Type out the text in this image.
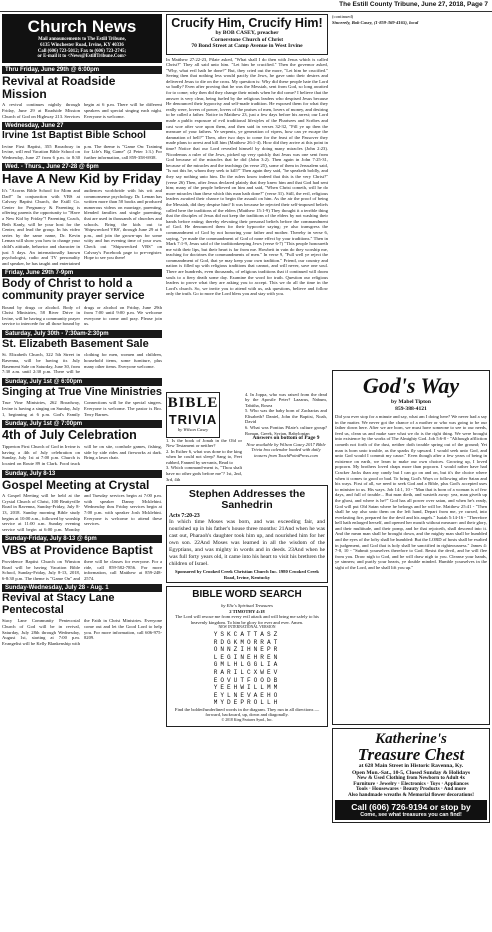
The Estill County Tribune, June 27, 2018, Page 7
Church News
Mail announcements to The Estill Tribune,
6135 Winchester Road, Irvine, KY 40336
Call (606) 723-5012; Fax to (606) 723-2745;
or E-mail it to <News@EstillTribune.Com>
Thru Friday, June 29th @ 6:00pm
Revival at Roadside Mission
A revival continues nightly through Friday, June 29 at Roadside Mission Church of God on Highway 213. Services begin at 6 p.m. There will be different speakers and special singing each night. Everyone is welcome.
Wednesday, June 27
Irvine 1st Baptist Bible School
Irvine First Baptist, 355 Broadway in Irvine, will end Vacation Bible School on Wednesday, June 27 from 6 p.m. to 8:30 p.m. The theme is "Game On: Training for Life's Big Game" (2 Peter 1:3.) For further information, call 859-358-6938.
Wed. - Thurs., June 27-28 @ 6pm
Have A New Kid by Friday
It's "Acorns Bible School for Mom and Dad!" In conjunction with VBS at Calvary Baptist Church, the Estill Co. Center for Pregnancy & Parenting is offering parents the opportunity to "Have a New Kid by Friday"! Parenting Coach, Beth Kanly, will be your host for the Center, and lead the group. In his video series by the same name, Dr. Kevin Leman will show you how to change your child's attitude, behavior and character in just 5 days. An internationally known psychologist, radio and TV personality and speaker, he has taught and entertained audiences worldwide with his wit and commonsense psychology. Dr. Leman has written more than 50 books and produced numerous videos on marriage, parenting, blended families and single parenting, that are used in thousands of churches and schools. Bring the kids out to 'Shipwrecked VBS', through June 29 at 6 p.m., and join the grown-ups for some witty and fun evening time of your own. Check out "Shipwrecked VBS" on Calvary's Facebook page to pre-register. Hope to see you there!
Friday, June 29th 7-9pm
Body of Christ to hold a community prayer service
Bound by drugs or alcohol. Body of Christ Ministries, 58 River Drive in Irvine, will be having a community prayer service to intercede for all those bound by drugs or alcohol on Friday, June 29th from 7:00 until 9:00 p.m. We welcome everyone to come and pray. Please join us.
Saturday, July 30th - 7:30am-2:30pm
St. Elizabeth Basement Sale
St. Elizabeth Church, 322 5th Street in Ravenna, will be having its July Basement Sale on Saturday, June 30, from 7:30 a.m. until 2:30 p.m. There will be clothing for men, women and children, household items, some furniture, plus many other items. Everyone welcome.
Sunday, July 1st @ 6:00pm
Singing at True Vine Ministries
True Vine Ministries, 262 Broadway, Irvine is having a singing on Sunday, July 1, beginning at 6 p.m. God's Family Connections will be the special singers. Everyone is welcome. The pastor is Bro. Terry Barnes.
Sunday, July 1st @ 7:00pm
4th of July Celebration
Tipperton First Church of God in Irvine is having a 4th of July celebration on Sunday, July 1st at 7:00 p.m. Church is located on Route 89 in Clark. Food truck will be on site, cornhole games, fishing, side by side rides and fireworks at dark. Bring a lawn chair.
Sunday, July 8-13
Gospel Meeting at Crystal
A Gospel Meeting will be held at the Crystal Church of Christ, 100 Beattyville Road in Ravenna, Sunday-Friday, July 8-13, 2018. Sunday morning Bible study begins at 10:00 a.m., followed by worship service at 11:00 a.m. Sunday evening service will begin at 6:00 p.m. Monday and Tuesday services begin at 7:00 p.m. with speaker Danny Mcklehini. Wednesday thru Friday services begin at 7:00 p.m. with speaker Josh Mcklehini. Everyone is welcome to attend these services.
Sunday-Friday, July 8-13 @ 6pm
VBS at Providence Baptist
Providence Baptist Church on Winston Road will be having Vacation Bible School, Sunday-Friday, July 8-13, 2018, 6-8:30 p.m. The theme is "Game On" and there will be classes for everyone. For a ride, call 859-582-7856. For more information, call Matthew at 859-248-2574.
Sunday-Wednesday, July 28 - Aug. 1
Revival at Stacy Lane Pentecostal
Stacy Lane Community Pentecostal Church of God will be in revival, Saturday, July 28th through Wednesday, August 1st, starting at 7:00 p.m. Evangelist will be Kelly Blankenship with the Faith in Christ Ministries. Everyone come out and let the Good Lord to help you. For more information, call 606-975-8209.
Crucify Him, Crucify Him!
by BOB CASEY, preacher
Cornerstone Church of Christ
70 Bond Street at Camp Avenue in West Irvine
In Matthew 27:22-23, Pilate asked, "What shall I do then with Jesus which is called Christ?" They all said unto him. "Let him be crucified." Then the governor asked, "Why, what evil hath he done?" But, they cried out the more, "Let him be crucified." Seeing then that nothing less would pacify the Jews, he gave unto their desires and delivered Jesus to die on the cross. My question is: Why did these people hate the Lord so badly? Even after proving that he was the Messiah, sent from God, so long awaited for to come; why then did they change their minds when he did come? I believe that the answer is very clear, being fueled by the religious leaders who despised Jesus because He denounced their hypocrisy and self-made tradition. He exposed them for what they really were, lovers of power, lovers of the praises of men, lovers of money, and desiring to be called a father. Notice in Matthew 23, just a few days before his arrest; our Lord made a public exposure of evil traditional lifestyles of the Pharisees and Scribes and cast woe after woe upon them, and then said in verses 32-32, "Fill ye up then the measure of your fathers. Ye serpents, ye generation of vipers, how can ye escape the damnation of hell?" Then, after two days to come for the feast of the Passover they made plans to arrest and kill him (Matthew 26:1-4). How did they arrive at this point in time? Notice that our Lord revealed himself by doing many miracles (John 2:23). Nicodemus a ruler of the Jews, picked up very quickly that Jesus was one sent from God because of the miracles that he did (John 3:2). Then again in John 7:25-31, because of the miracles and the teachings (in verse 25), some of them in Jerusalem said, "Is not this he, whom they seek to kill?" Then again they said, "he speaketh boldly, and they say nothing unto him. Do the rulers know indeed that this is the very Christ?" (verse 26) Then, after Jesus declared plainly that they knew him and that God had sent him; many of the people believed on him and said, "When Christ cometh, will he do more miracles than these which this man hath done?" (verse 31). Still, the evil, religious leaders awaited their chance to begin the assault on him. As the air the proof of being the Messiah, did they despise him? It was because he rejected their self-imposed beliefs called here the traditions of the elders (Matthew 15:1-9) They thought it a terrible thing that the disciples of Jesus did not keep the traditions of the elders by not washing their hands before eating; thereby elevating their personal beliefs before the commandment of God. He denounced them for their hypocrite saying; ye also transgress the commandment of God by not honoring your father and mother. Thereby in verse 6, saying, "ye made the commandment of God of none effect by your traditions." Then in Mark 7:1-9, Jesus said of the traditionkeeping Jews (verse 6-7) "This people honoureth me with their lips, but their heart is far from me. Howbeit in vain do they worship me, teaching for doctrines the commandments of men." In verse 9, "Full well ye reject the commandment of God, that ye may keep your own tradition." Friend, our country and nation is filled up with religious traditions that cannot, and will never, save one soul. There are hundreds, even thousands, of religious traditions that if continued will doom souls to a fiery death some day. Examine the word for truth. Question our religious leaders to prove what they are asking you to accept. This we do all the time in the Lord's church. So, we invite you to attend with us, ask questions, believe and follow only the truth. Go to more the Lord bless you and stay with you.
BIBLE
TRIVIA
by Wilson Casey
1. Is the book of Jonah in the Old or New Testament or neither?
2. In Esther 6, what was done to the king when he could not sleep? Sang to, Feet rubbed, Fanned by servants, Read to
3. Which command-ment is, "Thou shalt have no other gods before me"? 1st, 2nd, 3rd, 4th
4. In Joppa, who was raised from the dead by the Apostle Peter? Lazarus, Nabum, Tabitha, Rosea
5. Who was the baby born of Zacharias and Elisabeth? Daniel, John the Baptist, Noah, David
6. What was Pontius Pilate's culture group? Roman, Greek, Syrian, Babylonian
Answers on bottom of Page 9
Now available by Wilson Casey 2017 Bible Trivia box calendar loaded with daily teasers from TouchPointPress.com
Stephen Addresses the Sanhedrin
Acts 7:20-23
In which time Moses was born, and was exceeding fair, and nourished up in his father's house three months: 21And when he was cast out, Pharaoh's daughter took him up, and nourished him for her own son. 22And Moses was learned in all the wisdom of the Egyptians, and was mighty in words and in deeds. 23And when he was full forty years old, it came into his heart to visit his brethren the children of Israel.
Sponsored by Crooked Creek Christian Church Inc. 1980 Crooked Creek Road, Irvine, Kentucky
BIBLE WORD SEARCH
by Elic's Spiritual Treasures
2 TIMOTHY 4:18
The Lord will rescue me from every evil attack and will bring me safely to his heavenly kingdom. To him be glory for ever and ever. Amen.
NEW INTERNATIONAL VERSION
YSKCATTASZ
RDGKMORRAT
ONNZIHNEPR
LEGINEHREN
GMLHLGGLIA
RARILCXWEV
EOVUTFOODB
YEEHWILLMM
EYLNEVAEHO
MYDEPROLLH
Find the bolded/underlined words in the diagram. They run in all directions — forward, backward, up, down and diagonally.
© 2018 King Features Synd., Inc.
(continued)
Sincerely, Bob Casey, (1-859-369-4165), local
God's Way
by Mabel Tipton
859-388-4121
Did you ever stop for a minute and say, what am I doing here? We never had a say in the matter. We never got the chance of a mother or who was going to be our father down here. After we are born, we must have someone to see to our needs, feed us, clean us and make sure what we do is the right thing. We were brought into existence by the works of The Almighty God. Job 5:6-8 - "Although affliction cometh not forth of the dust, neither doth trouble spring out of the ground; Yet man is born unto trouble, as the sparks fly upward. I would seek unto God, and unto God would I commit my cause." Even though after a few years of being in existence on earth, we learn to make our own choices. Growing up, I loved popcorn. My brothers loved chaps more than popcorn. I would rather have had Cracker Jacks than any candy but I can go on and on, but it's the choice where when it comes to good or bad. To bring God's Ways or following after Satan and his ways. First of all, we need to seek God and a Bible, plus God's accepted uses to minister to us. His ways. Job 14:1, 10 - "Man that is born of a woman is of few days, and full of trouble... But man dieth, and wasteth away: yea, man giveth up the ghost, and where is he?" God has all power over satan, and when he's ready, God will put Old Satan where he belongs and he will be. Matthew 25:41 - "Then shall he say also unto them on the left hand, Depart from me, ye cursed, into everlasting fire, prepared for the devil and his angels." Isaiah 5:14-16 - "Therefore hell hath enlarged herself, and opened her mouth without measure: and their glory, and their multitude, and their pomp, and he that rejoiceth, shall descend into it. And the mean man shall be brought down, and the mighty man shall be humbled and the eyes of the lofty shall be humbled: But the LORD of hosts shall be exalted in judgement, and God that is holy shall be sanctified in righteousness." James 4: 7-8, 10 - "Submit yourselves therefore to God. Resist the devil, and he will flee from you. Draw nigh to God, and he will draw nigh to you. Cleanse your hands, ye sinners; and purify your hearts, ye double minded. Humble yourselves in the sight of the Lord, and he shall lift you up."
Katherine's
Treasure Chest
at 628 Main Street in Historic Ravenna, Ky.
Open Mon.-Sat., 10-5, Closed Sunday & Holidays
New & Used Clothing from Newborn to Adult 4x
Furniture · Jewelry · Electronics · Toys · Appliances
Tools · Housewares · Beauty Products · And more
Also handmade wreaths & Memorial flower decorations!
Call (606) 726-9194 or stop by
Come, see what treasures you can find!
